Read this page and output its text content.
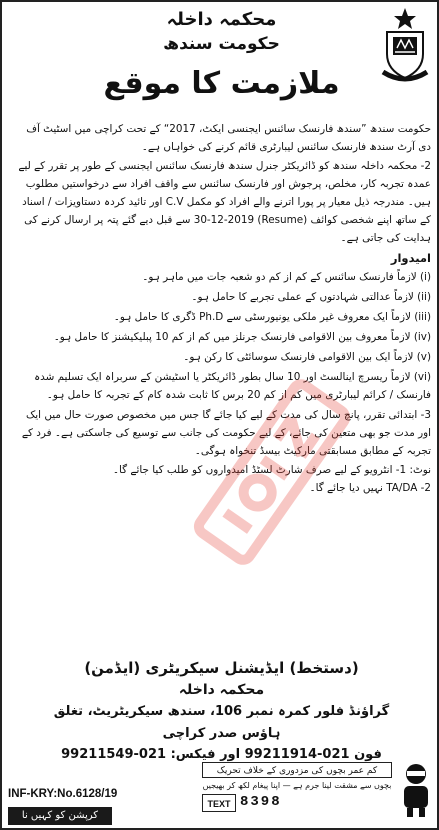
محکمہ داخلہ
حکومت سندھ
ملازمت کا موقع

حکومت سندھ ”سندھ فارنسک سائنس ایجنسی ایکٹ، 2017“ کے تحت کراچی میں اسٹیٹ آف دی آرٹ سندھ فارنسک سائنس لیبارٹری قائم کرنے کی خواہاں ہے۔

2- محکمہ داخلہ سندھ کو ڈائریکٹر جنرل سندھ فارنسک سائنس ایجنسی کے طور پر تقرر کے لیے عمدہ تجربہ کار، مخلص، پرجوش اور فارنسک سائنس سے واقف افراد سے درخواستیں مطلوب ہیں۔ مندرجہ ذیل معیار پر پورا اترنے والے افراد کو مکمل C.V اور تائید کردہ دستاویزات / اسناد کے ساتھ اپنے شخصی کوائف (Resume) 30-12-2019 سے قبل دیے گئے پتہ پر ارسال کرنے کی ہدایت کی جاتی ہے۔

امیدوار

(i) لازماً فارنسک سائنس کے کم از کم دو شعبہ جات میں ماہر ہو۔

(ii) لازماً عدالتی شہادتوں کے عملی تجربے کا حامل ہو۔

(iii) لازماً ایک معروف غیر ملکی یونیورسٹی سے Ph.D ڈگری کا حامل ہو۔

(iv) لازماً معروف بین الاقوامی فارنسک جرنلز میں کم از کم 10 پبلیکیشنز کا حامل ہو۔

(v) لازماً ایک بین الاقوامی فارنسک سوسائٹی کا رکن ہو۔

(vi) لازماً ریسرچ اینالسٹ اور 10 سال بطور ڈائریکٹر یا اسٹیشن کے سربراہ ایک تسلیم شدہ فارنسک / کرائم لیبارٹری میں کم از کم 20 برس کا ثابت شدہ کام کے تجربہ کا حامل ہو۔

3- ابتدائی تقرر، پانچ سال کی مدت کے لیے کیا جائے گا جس میں مخصوص صورت حال میں ایک اور مدت جو بھی متعین کی جائے، کے لیے حکومت کی جانب سے توسیع کی جاسکتی ہے۔ فرد کے تجربہ کے مطابق مسابقتی مارکیٹ بیسڈ تنخواہ ہوگی۔

نوٹ: 1- انٹرویو کے لیے صرف شارٹ لسٹڈ امیدواروں کو طلب کیا جائے گا۔

2- TA/DA نہیں دیا جائے گا۔

(دستخط) ایڈیشنل سیکریٹری (ایڈمن)
محکمہ داخلہ
گراؤنڈ فلور کمرہ نمبر 106، سندھ سیکریٹریٹ، تغلق ہاؤس صدر کراچی
فون 021-99211914 اور فیکس: 021-99211549
INF-KRY:No.6128/19
کرپشن کو کہیں نا
کم عمر بچوں کی مزدوری کے خلاف تحریک
بچوں سے مشقت لینا جرم ہے — اپنا پیغام لکھ کر بھیجیں
TEXT 8398
